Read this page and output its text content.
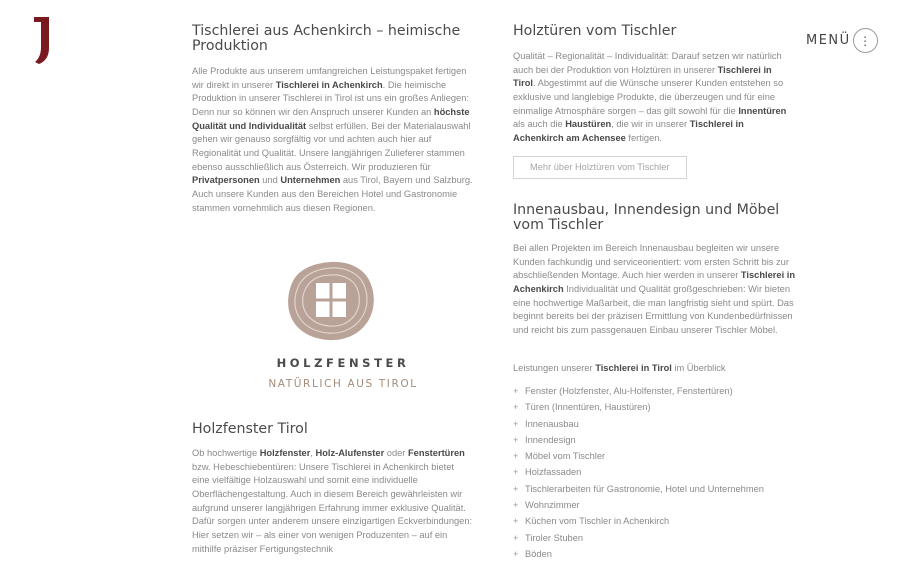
MENÜ ⋮
Tischlerei aus Achenkirch – heimische Produktion

Alle Produkte aus unserem umfangreichen Leistungspaket fertigen wir direkt in unserer Tischlerei in Achenkirch. Die heimische Produktion in unserer Tischlerei in Tirol ist uns ein großes Anliegen: Denn nur so können wir den Anspruch unserer Kunden an höchste Qualität und Individualität selbst erfüllen. Bei der Materialauswahl gehen wir genauso sorgfältig vor und achten auch hier auf Regionalität und Qualität. Unsere langjährigen Zulieferer stammen ebenso ausschließlich aus Österreich. Wir produzieren für Privatpersonen und Unternehmen aus Tirol, Bayern und Salzburg. Auch unsere Kunden aus den Bereichen Hotel und Gastronomie stammen vornehmlich aus diesen Regionen.

HOLZFENSTER
NATÜRLICH AUS TIROL
Holzfenster Tirol

Ob hochwertige Holzfenster, Holz-Alufenster oder Fenstertüren bzw. Hebeschiebentüren: Unsere Tischlerei in Achenkirch bietet eine vielfältige Holzauswahl und somit eine individuelle Oberflächengestaltung. Auch in diesem Bereich gewährleisten wir aufgrund unserer langjährigen Erfahrung immer exklusive Qualität. Dafür sorgen unter anderem unsere einzigartigen Eckverbindungen: Hier setzen wir – als einer von wenigen Produzenten – auf ein mithilfe präziser Fertigungstechnik

Holztüren vom Tischler

Qualität – Regionalität – Individualität: Darauf setzen wir natürlich auch bei der Produktion von Holztüren in unserer Tischlerei in Tirol. Abgestimmt auf die Wünsche unserer Kunden entstehen so exklusive und langlebige Produkte, die überzeugen und für eine einmalige Atmosphäre sorgen – das gilt sowohl für die Innentüren als auch die Haustüren, die wir in unserer Tischlerei in Achenkirch am Achensee fertigen.

Mehr über Holztüren vom Tischler
Innenausbau, Innendesign und Möbel vom Tischler

Bei allen Projekten im Bereich Innenausbau begleiten wir unsere Kunden fachkundig und serviceorientiert: vom ersten Schritt bis zur abschließenden Montage. Auch hier werden in unserer Tischlerei in Achenkirch Individualität und Qualität großgeschrieben: Wir bieten eine hochwertige Maßarbeit, die man langfristig sieht und spürt. Das beginnt bereits bei der präzisen Ermittlung von Kundenbedürfnissen und reicht bis zum passgenauen Einbau unserer Tischler Möbel.

Leistungen unserer Tischlerei in Tirol im Überblick

+ Fenster (Holzfenster, Alu-Holfenster, Fenstertüren)
+ Türen (Innentüren, Haustüren)
+ Innenausbau
+ Innendesign
+ Möbel vom Tischler
+ Holzfassaden
+ Tischlerarbeiten für Gastronomie, Hotel und Unternehmen
+ Wohnzimmer
+ Küchen vom Tischler in Achenkirch
+ Tiroler Stuben
+ Böden
